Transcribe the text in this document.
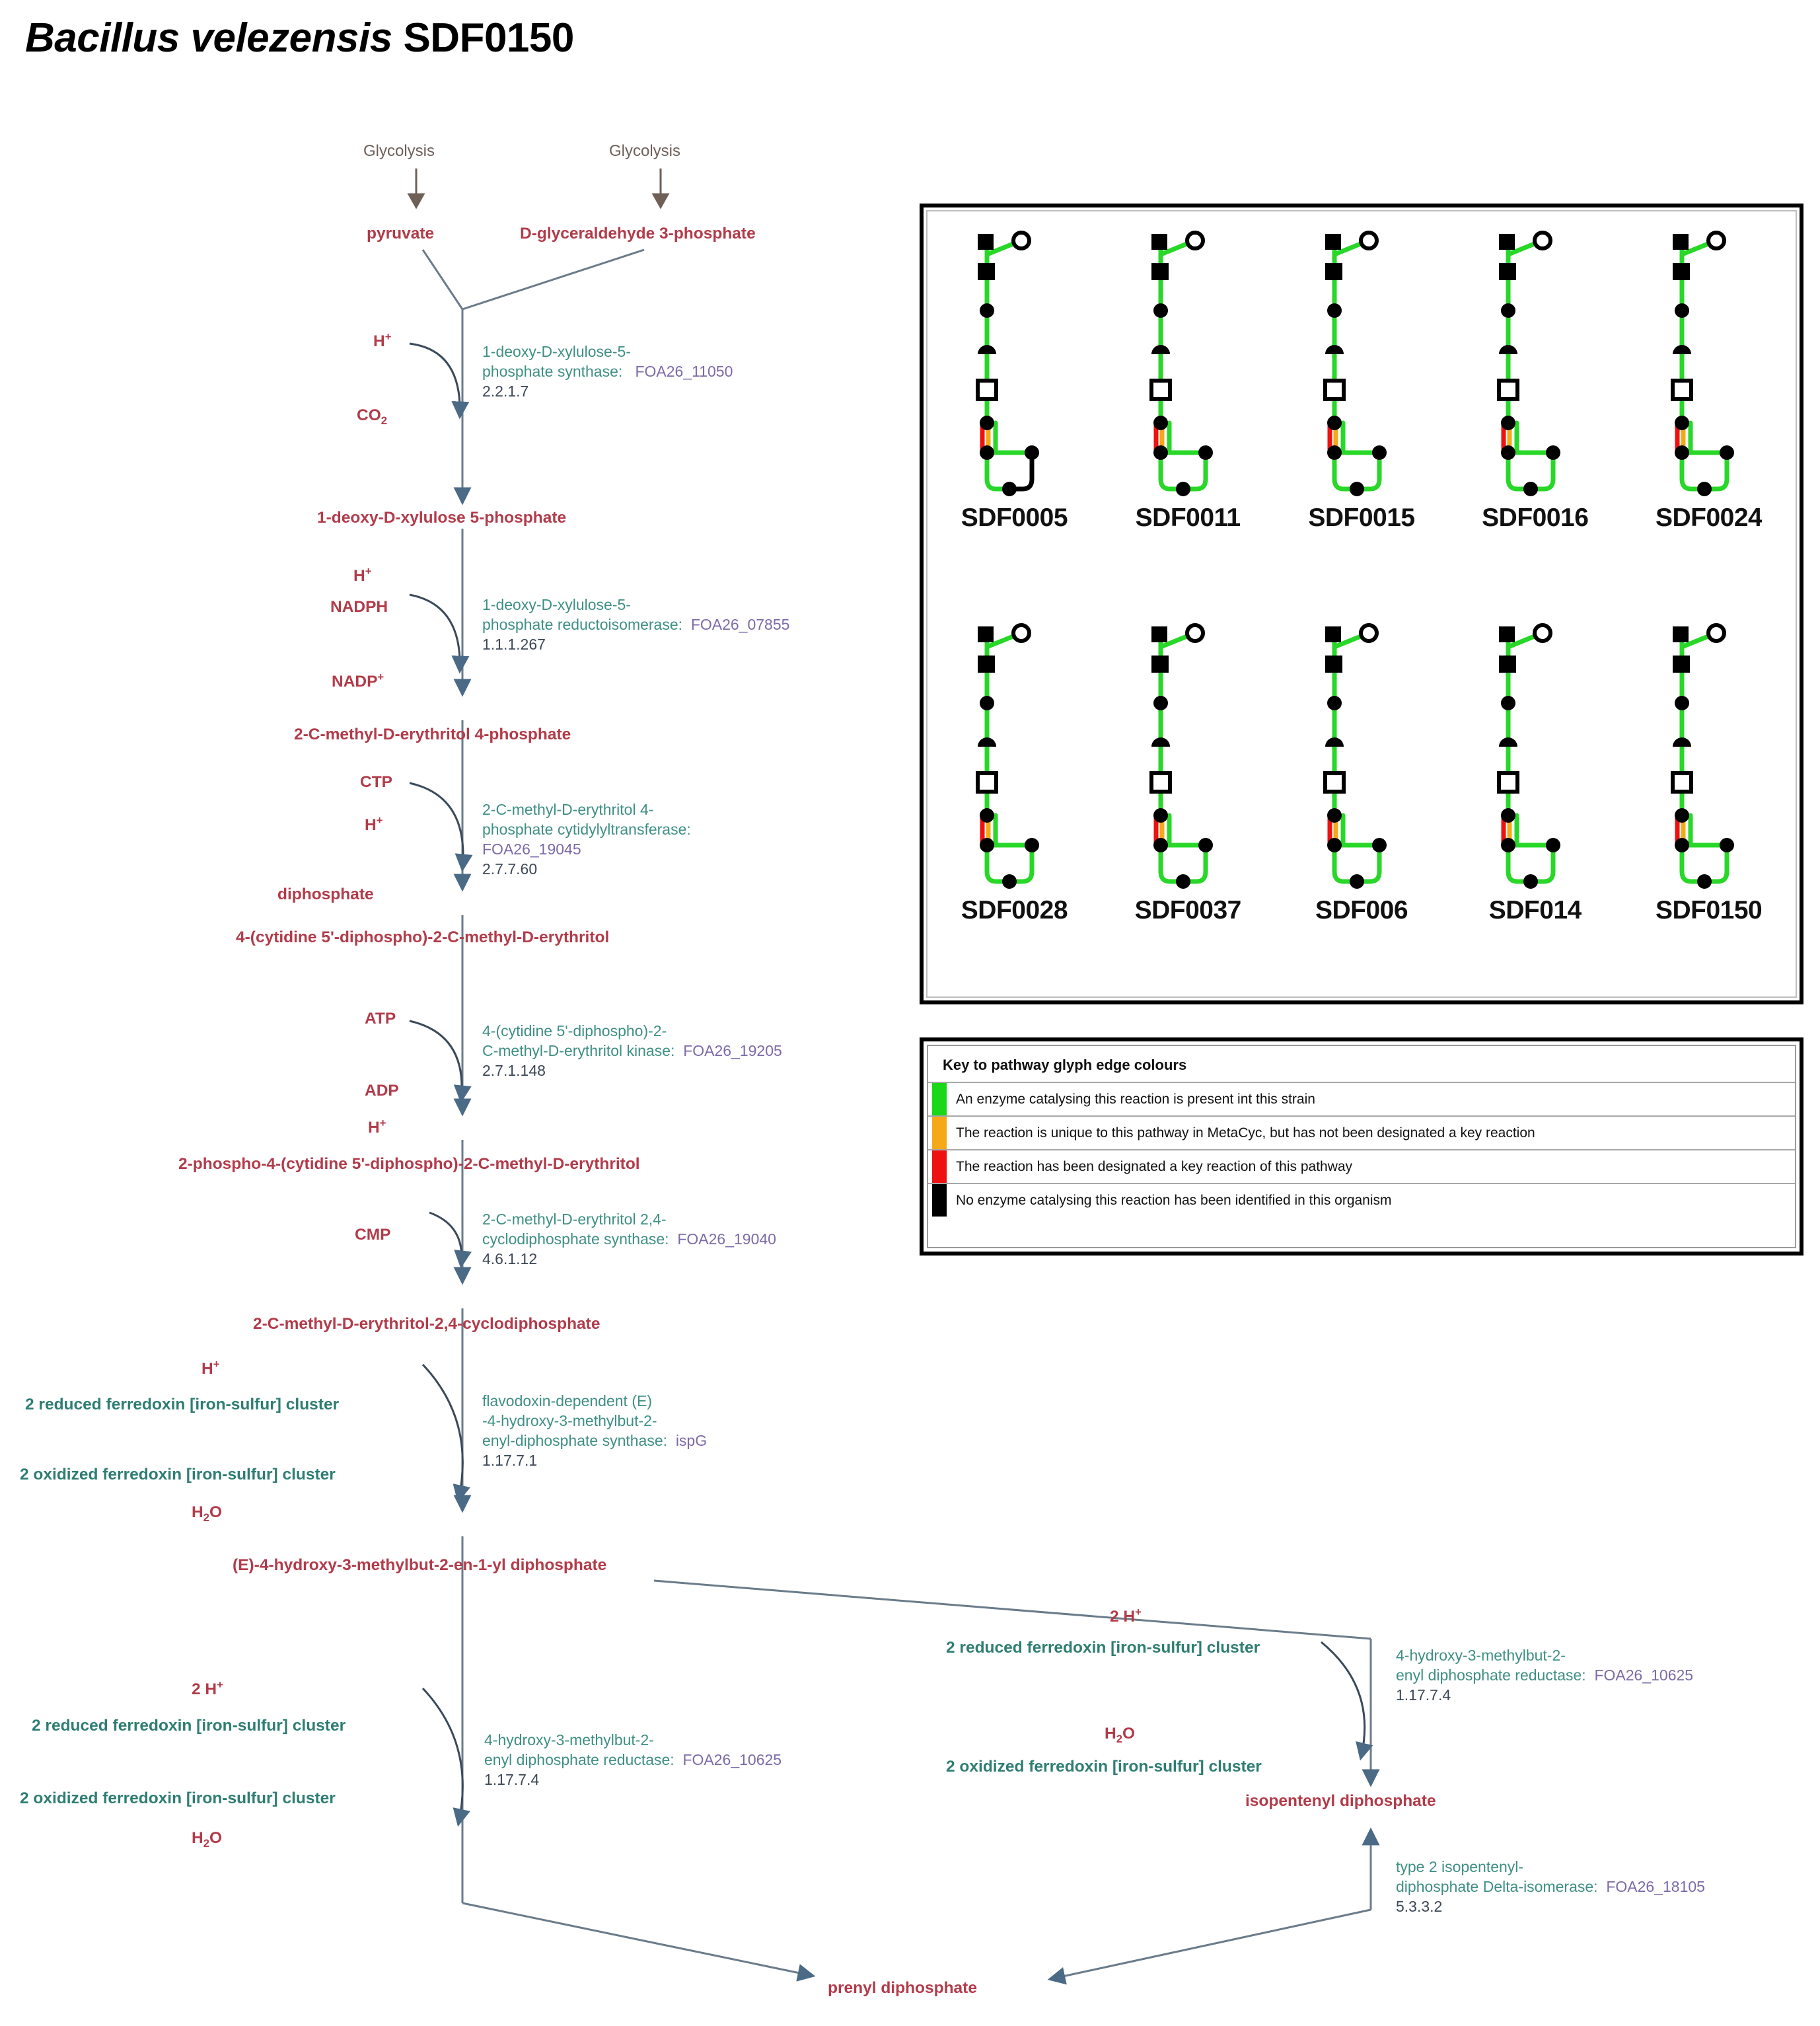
Bacillus velezensis SDF0150
Glycolysis	Glycolysis
pyruvate	D-glyceraldehyde 3-phosphate
H+
$CO_2$
1-deoxy-D-xylulose-5-
phosphate synthase: FOA26_11050
2.2.1.7
1-deoxy-D-xylulose 5-phosphate
H+
NADPH
NADP+
1-deoxy-D-xylulose-5-
phosphate reductoisomerase: FOA26_07855
1.1.1.267
2-C-methyl-D-erythritol 4-phosphate
CTP
H+
diphosphate
2-C-methyl-D-erythritol 4-
phosphate cytidylyltransferase:
FOA26_19045
2.7.7.60
4-(cytidine 5'-diphospho)-2-C-methyl-D-erythritol
ATP
ADP
H+
4-(cytidine 5'-diphospho)-2-
C-methyl-D-erythritol kinase: FOA26_19205
2.7.1.148
2-phospho-4-(cytidine 5'-diphospho)-2-C-methyl-D-erythritol
CMP
2-C-methyl-D-erythritol 2,4-
cyclodiphosphate synthase: FOA26_19040
4.6.1.12
2-C-methyl-D-erythritol-2,4-cyclodiphosphate
H+
2 reduced ferredoxin [iron-sulfur] cluster
2 oxidized ferredoxin [iron-sulfur] cluster
$H_2O$
flavodoxin-dependent (E)
-4-hydroxy-3-methylbut-2-
enyl-diphosphate synthase: ispG
1.17.7.1
(E)-4-hydroxy-3-methylbut-2-en-1-yl diphosphate
2 H+
2 reduced ferredoxin [iron-sulfur] cluster
2 oxidized ferredoxin [iron-sulfur] cluster
$H_2O$
4-hydroxy-3-methylbut-2-
enyl diphosphate reductase: FOA26_10625
1.17.7.4
2 H+
2 reduced ferredoxin [iron-sulfur] cluster
$H_2O$
2 oxidized ferredoxin [iron-sulfur] cluster
4-hydroxy-3-methylbut-2-
enyl diphosphate reductase: FOA26_10625
1.17.7.4
isopentenyl diphosphate
type 2 isopentenyl-
diphosphate Delta-isomerase: FOA26_18105
5.3.3.2
prenyl diphosphate
SDF0005	SDF0011	SDF0015	SDF0016	SDF0024
SDF0028	SDF0037	SDF006	SDF014	SDF0150
Key to pathway glyph edge colours
An enzyme catalysing this reaction is present int this strain
The reaction is unique to this pathway in MetaCyc, but has not been designated a key reaction
The reaction has been designated a key reaction of this pathway
No enzyme catalysing this reaction has been identified in this organism
